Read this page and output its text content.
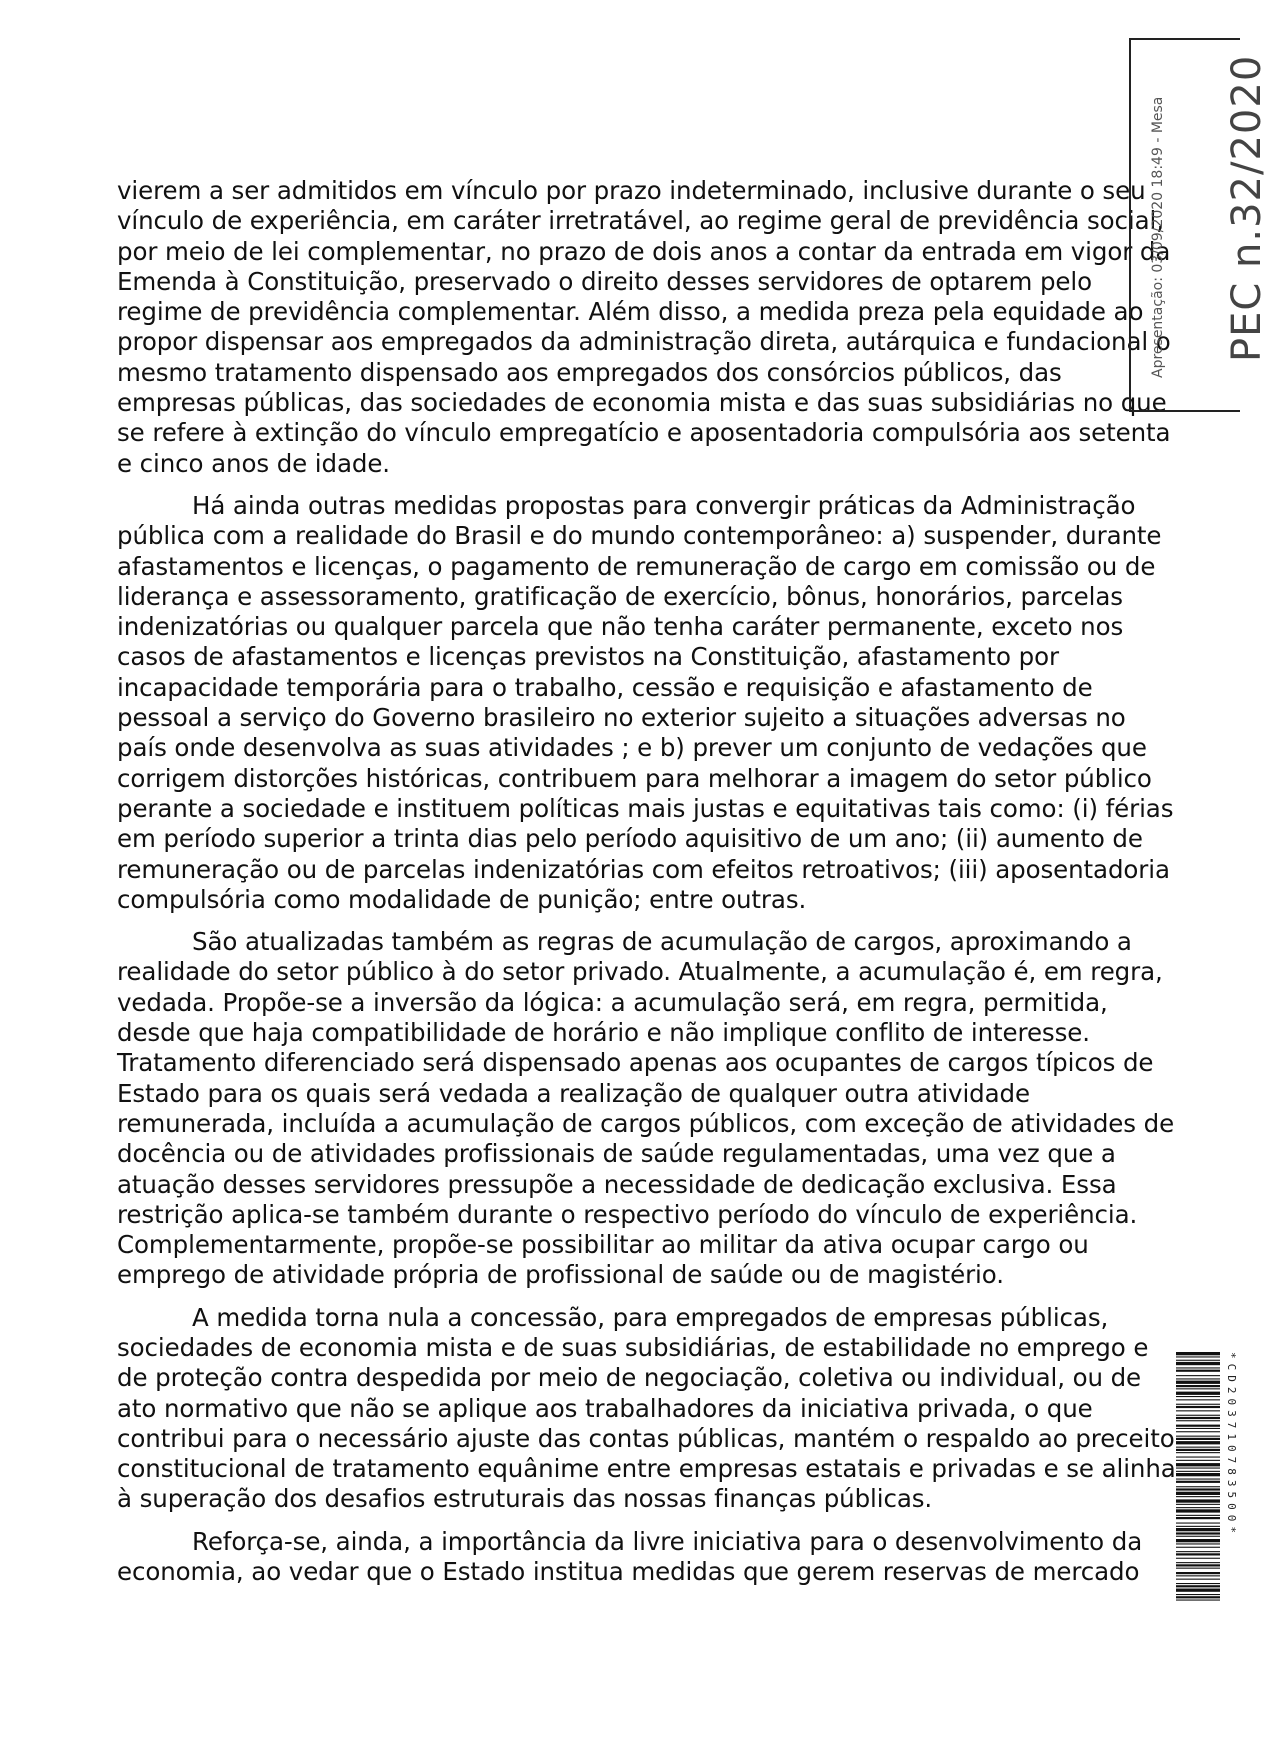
vierem a ser admitidos em vínculo por prazo indeterminado, inclusive durante o seu vínculo de experiência, em caráter irretratável, ao regime geral de previdência social, por meio de lei complementar, no prazo de dois anos a contar da entrada em vigor da Emenda à Constituição, preservado o direito desses servidores de optarem pelo regime de previdência complementar. Além disso, a medida preza pela equidade ao propor dispensar aos empregados da administração direta, autárquica e fundacional o mesmo tratamento dispensado aos empregados dos consórcios públicos, das empresas públicas, das sociedades de economia mista e das suas subsidiárias no que se refere à extinção do vínculo empregatício e aposentadoria compulsória aos setenta e cinco anos de idade.

Há ainda outras medidas propostas para convergir práticas da Administração pública com a realidade do Brasil e do mundo contemporâneo: a) suspender, durante afastamentos e licenças, o pagamento de remuneração de cargo em comissão ou de liderança e assessoramento, gratificação de exercício, bônus, honorários, parcelas indenizatórias ou qualquer parcela que não tenha caráter permanente, exceto nos casos de afastamentos e licenças previstos na Constituição, afastamento por incapacidade temporária para o trabalho, cessão e requisição e afastamento de pessoal a serviço do Governo brasileiro no exterior sujeito a situações adversas no país onde desenvolva as suas atividades ; e b) prever um conjunto de vedações que corrigem distorções históricas, contribuem para melhorar a imagem do setor público perante a sociedade e instituem políticas mais justas e equitativas tais como: (i) férias em período superior a trinta dias pelo período aquisitivo de um ano; (ii) aumento de remuneração ou de parcelas indenizatórias com efeitos retroativos; (iii) aposentadoria compulsória como modalidade de punição; entre outras.

São atualizadas também as regras de acumulação de cargos, aproximando a realidade do setor público à do setor privado. Atualmente, a acumulação é, em regra, vedada. Propõe-se a inversão da lógica: a acumulação será, em regra, permitida, desde que haja compatibilidade de horário e não implique conflito de interesse. Tratamento diferenciado será dispensado apenas aos ocupantes de cargos típicos de Estado para os quais será vedada a realização de qualquer outra atividade remunerada, incluída a acumulação de cargos públicos, com exceção de atividades de docência ou de atividades profissionais de saúde regulamentadas, uma vez que a atuação desses servidores pressupõe a necessidade de dedicação exclusiva. Essa restrição aplica-se também durante o respectivo período do vínculo de experiência. Complementarmente, propõe-se possibilitar ao militar da ativa ocupar cargo ou emprego de atividade própria de profissional de saúde ou de magistério.

A medida torna nula a concessão, para empregados de empresas públicas, sociedades de economia mista e de suas subsidiárias, de estabilidade no emprego e de proteção contra despedida por meio de negociação, coletiva ou individual, ou de ato normativo que não se aplique aos trabalhadores da iniciativa privada, o que contribui para o necessário ajuste das contas públicas, mantém o respaldo ao preceito constitucional de tratamento equânime entre empresas estatais e privadas e se alinha à superação dos desafios estruturais das nossas finanças públicas.

Reforça-se, ainda, a importância da livre iniciativa para o desenvolvimento da economia, ao vedar que o Estado institua medidas que gerem reservas de mercado

PEC n.32/2020
Apresentação: 03/09/2020 18:49 - Mesa
*CD203710783500*
